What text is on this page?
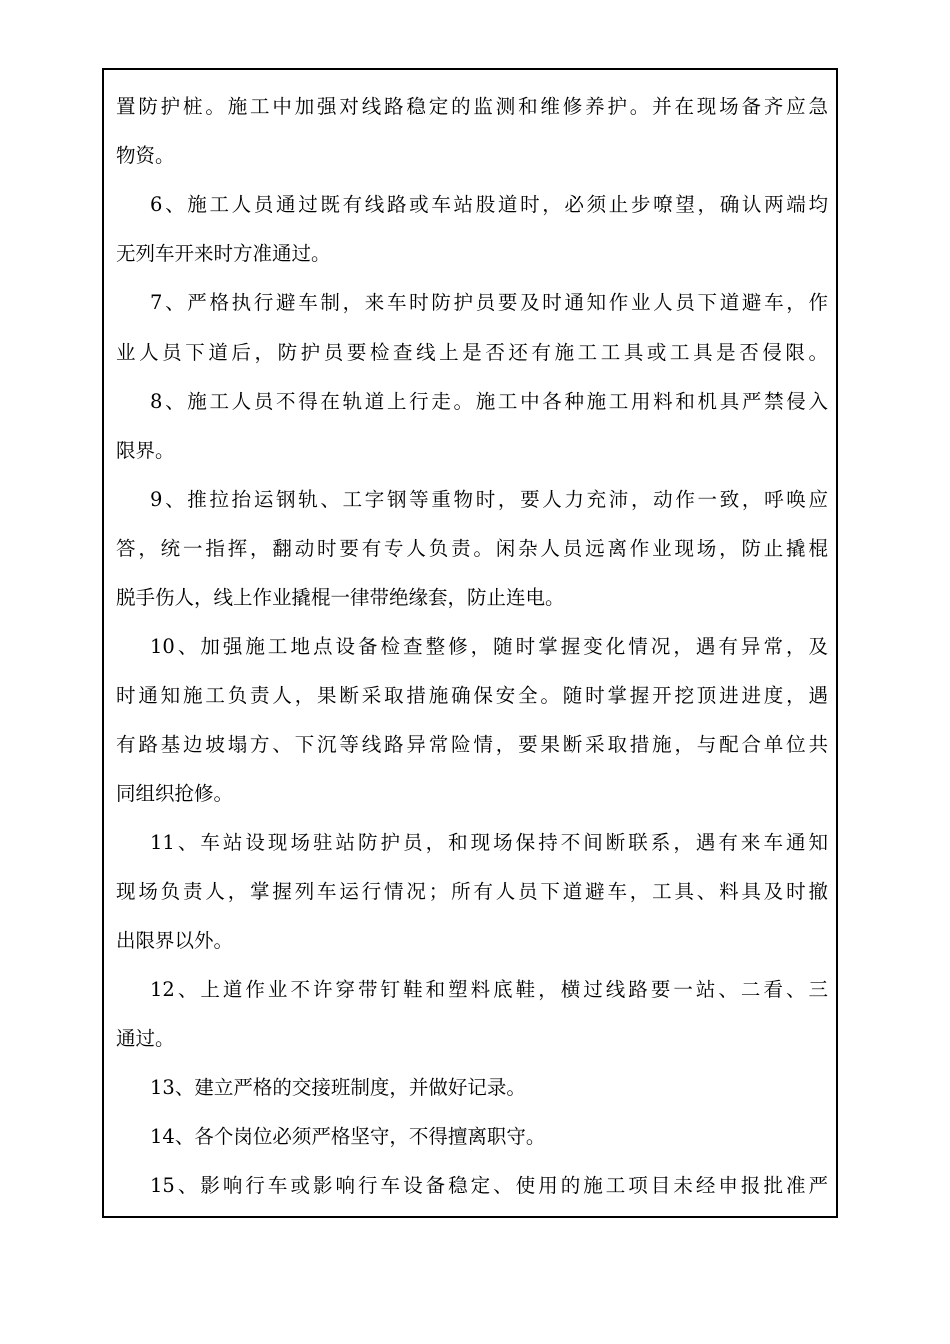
置防护桩。施工中加强对线路稳定的监测和维修养护。并在现场备齐应急
物资。
6、施工人员通过既有线路或车站股道时，必须止步嘹望，确认两端均
无列车开来时方准通过。
7、严格执行避车制，来车时防护员要及时通知作业人员下道避车，作
业人员下道后，防护员要检查线上是否还有施工工具或工具是否侵限。
8、施工人员不得在轨道上行走。施工中各种施工用料和机具严禁侵入
限界。
9、推拉抬运钢轨、工字钢等重物时，要人力充沛，动作一致，呼唤应
答，统一指挥，翻动时要有专人负责。闲杂人员远离作业现场，防止撬棍
脱手伤人，线上作业撬棍一律带绝缘套，防止连电。
10、加强施工地点设备检查整修，随时掌握变化情况，遇有异常，及
时通知施工负责人，果断采取措施确保安全。随时掌握开挖顶进进度，遇
有路基边坡塌方、下沉等线路异常险情，要果断采取措施，与配合单位共
同组织抢修。
11、车站设现场驻站防护员，和现场保持不间断联系，遇有来车通知
现场负责人，掌握列车运行情况；所有人员下道避车，工具、料具及时撤
出限界以外。
12、上道作业不许穿带钉鞋和塑料底鞋，横过线路要一站、二看、三
通过。
13、建立严格的交接班制度，并做好记录。
14、各个岗位必须严格坚守，不得擅离职守。
15、影响行车或影响行车设备稳定、使用的施工项目未经申报批准严
